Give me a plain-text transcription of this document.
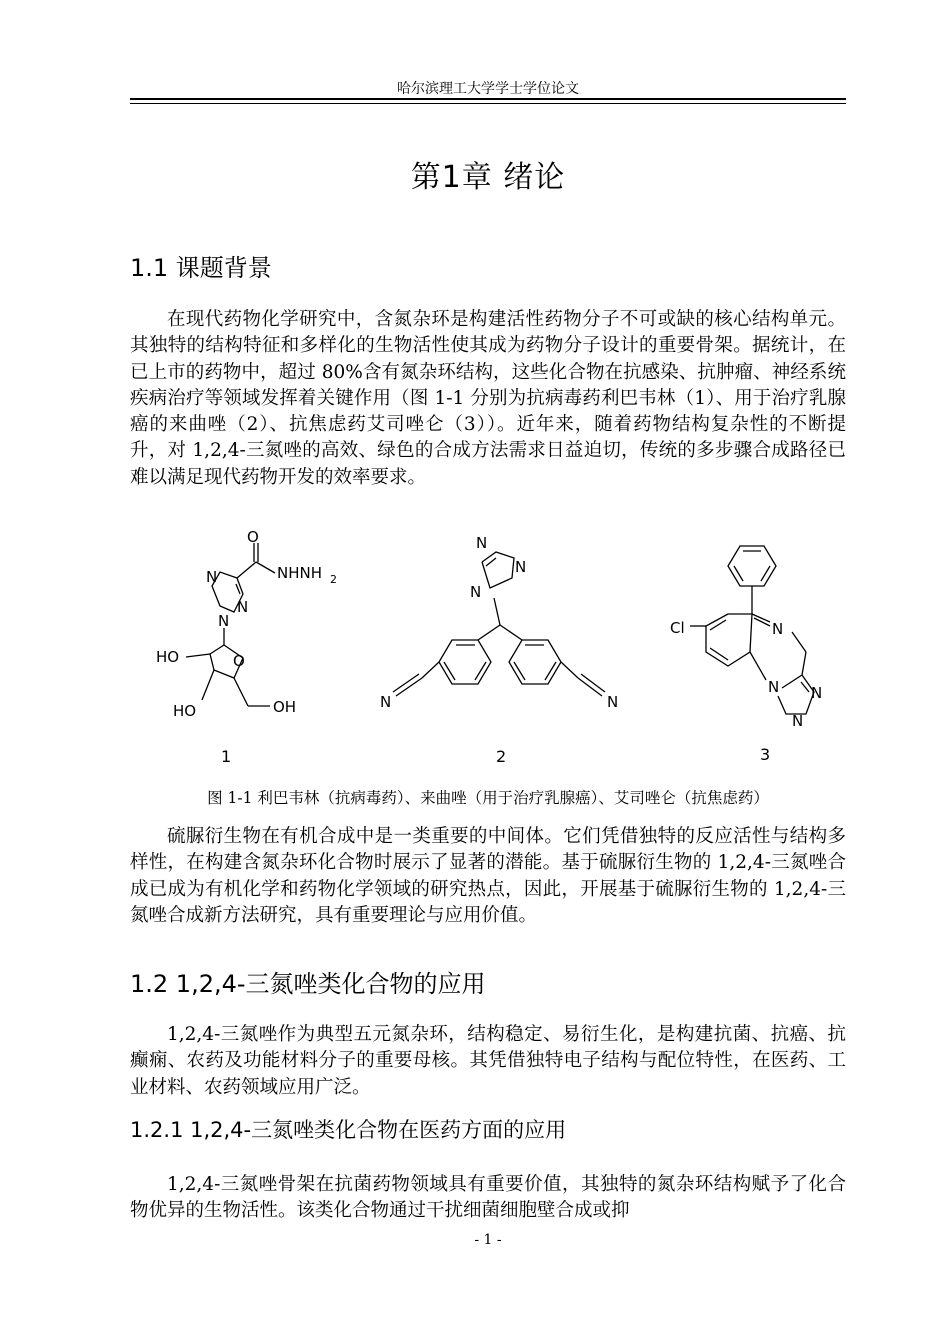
哈尔滨理工大学学士学位论文
第1章 绪论
1.1 课题背景

在现代药物化学研究中，含氮杂环是构建活性药物分子不可或缺的核心结构单元。其独特的结构特征和多样化的生物活性使其成为药物分子设计的重要骨架。据统计，在已上市的药物中，超过 80%含有氮杂环结构，这些化合物在抗感染、抗肿瘤、神经系统疾病治疗等领域发挥着关键作用（图 1-1 分别为抗病毒药利巴韦林（1）、用于治疗乳腺癌的来曲唑（2）、抗焦虑药艾司唑仑（3））。近年来，随着药物结构复杂性的不断提升，对 1,2,4-三氮唑的高效、绿色的合成方法需求日益迫切，传统的多步骤合成路径已难以满足现代药物开发的效率要求。

O
NHNH 2
N
N
N
O
HO
HO	OH
1
N
N
N
N	N
2
Cl	N
N N
N
3
图 1-1 利巴韦林（抗病毒药）、来曲唑（用于治疗乳腺癌）、艾司唑仑（抗焦虑药）

硫脲衍生物在有机合成中是一类重要的中间体。它们凭借独特的反应活性与结构多样性，在构建含氮杂环化合物时展示了显著的潜能。基于硫脲衍生物的 1,2,4-三氮唑合成已成为有机化学和药物化学领域的研究热点，因此，开展基于硫脲衍生物的 1,2,4-三氮唑合成新方法研究，具有重要理论与应用价值。

1.2 1,2,4-三氮唑类化合物的应用

1,2,4-三氮唑作为典型五元氮杂环，结构稳定、易衍生化，是构建抗菌、抗癌、抗癫痫、农药及功能材料分子的重要母核。其凭借独特电子结构与配位特性，在医药、工业材料、农药领域应用广泛。

1.2.1 1,2,4-三氮唑类化合物在医药方面的应用

1,2,4-三氮唑骨架在抗菌药物领域具有重要价值，其独特的氮杂环结构赋予了化合物优异的生物活性。该类化合物通过干扰细菌细胞壁合成或抑

- 1 -
